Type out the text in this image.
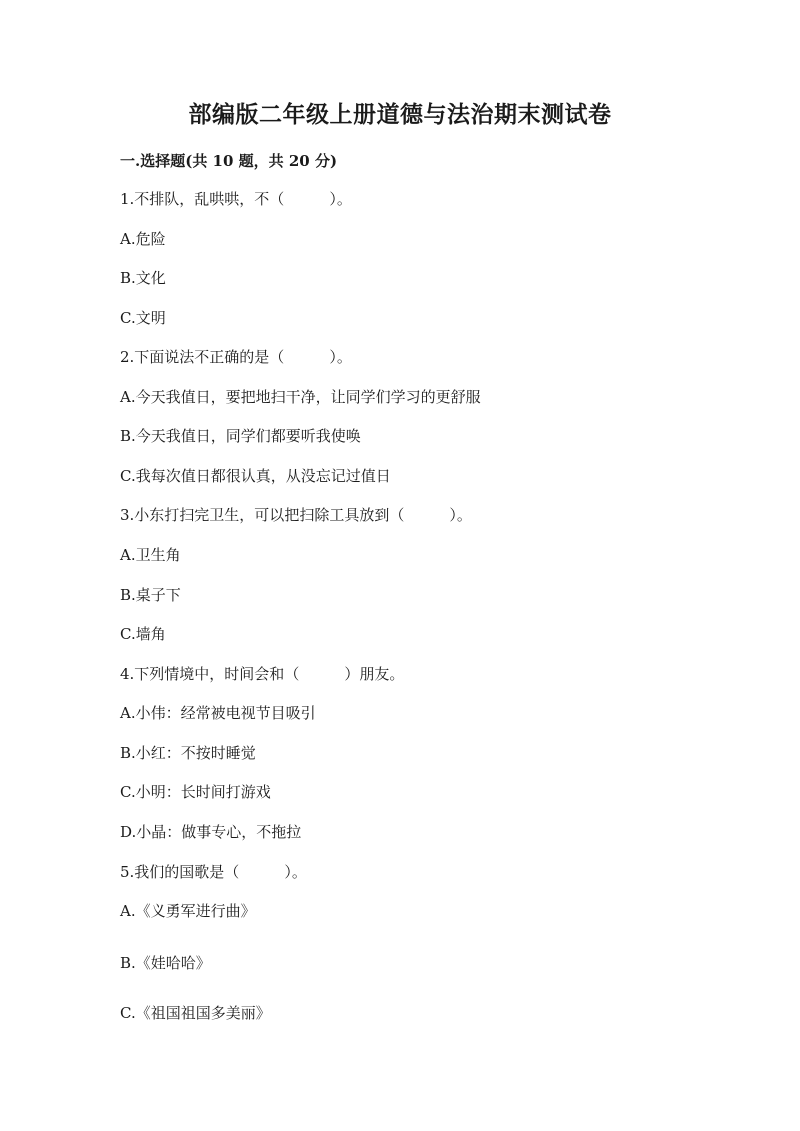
部编版二年级上册道德与法治期末测试卷
一.选择题(共 10 题，共 20 分)
1.不排队，乱哄哄，不（　　　）。
A.危险
B.文化
C.文明
2.下面说法不正确的是（　　　）。
A.今天我值日，要把地扫干净，让同学们学习的更舒服
B.今天我值日，同学们都要听我使唤
C.我每次值日都很认真，从没忘记过值日
3.小东打扫完卫生，可以把扫除工具放到（　　　）。
A.卫生角
B.桌子下
C.墙角
4.下列情境中，时间会和（　　　）朋友。
A.小伟：经常被电视节目吸引
B.小红：不按时睡觉
C.小明：长时间打游戏
D.小晶：做事专心，不拖拉
5.我们的国歌是（　　　）。
A.《义勇军进行曲》
B.《娃哈哈》
C.《祖国祖国多美丽》
